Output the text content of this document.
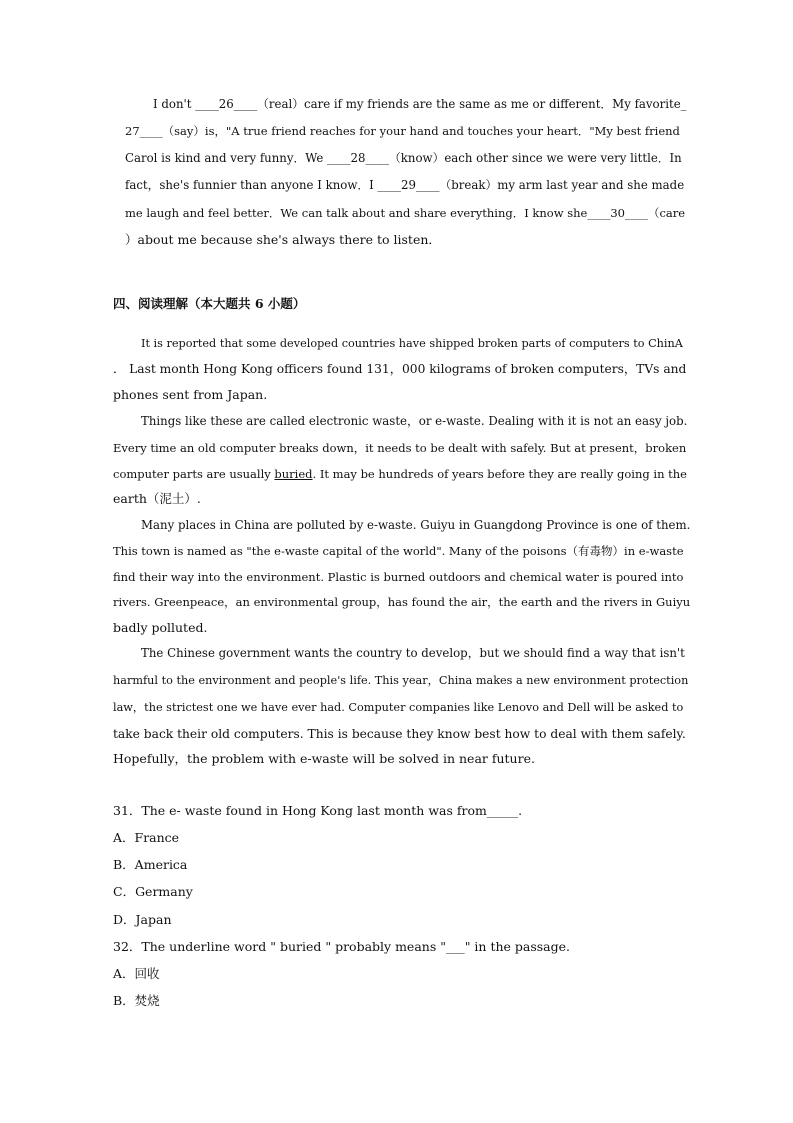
I don't ____26____（real）care if my friends are the same as me or different．My favorite_
27____（say）is，"A true friend reaches for your hand and touches your heart．"My best friend
Carol is kind and very funny．We ____28____（know）each other since we were very little．In
fact，she's funnier than anyone I know．I ____29____（break）my arm last year and she made
me laugh and feel better．We can talk about and share everything．I know she____30____（care
）about me because she's always there to listen．
四、阅读理解（本大题共 6 小题）
It is reported that some developed countries have shipped broken parts of computers to ChinA
． Last month Hong Kong officers found 131，000 kilograms of broken computers，TVs and
phones sent from Japan.
Things like these are called electronic waste，or e-waste. Dealing with it is not an easy job.
Every time an old computer breaks down，it needs to be dealt with safely. But at present，broken
computer parts are usually buried. It may be hundreds of years before they are really going in the
earth（泥土）.
Many places in China are polluted by e-waste. Guiyu in Guangdong Province is one of them.
This town is named as "the e-waste capital of the world". Many of the poisons（有毒物）in e-waste
find their way into the environment. Plastic is burned outdoors and chemical water is poured into
rivers. Greenpeace，an environmental group，has found the air，the earth and the rivers in Guiyu
badly polluted.
The Chinese government wants the country to develop，but we should find a way that isn't
harmful to the environment and people's life. This year，China makes a new environment protection
law，the strictest one we have ever had. Computer companies like Lenovo and Dell will be asked to
take back their old computers. This is because they know best how to deal with them safely.
Hopefully，the problem with e-waste will be solved in near future.
31．The e- waste found in Hong Kong last month was from_____.
A．France
B．America
C．Germany
D．Japan
32．The underline word " buried " probably means "___" in the passage.
A．回收
B．焚烧
